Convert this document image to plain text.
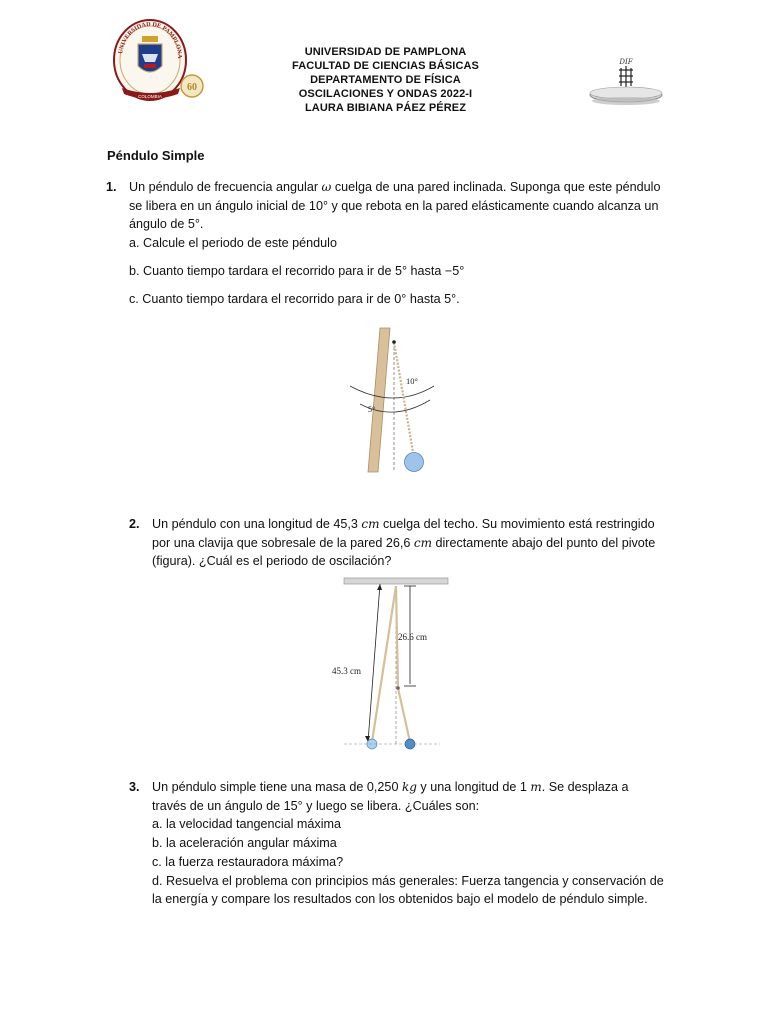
UNIVERSIDAD DE PAMPLONA
COLOMBIA
60
UNIVERSIDAD DE PAMPLONA
FACULTAD DE CIENCIAS BÁSICAS
DEPARTAMENTO DE FÍSICA
OSCILACIONES Y ONDAS 2022-I
LAURA BIBIANA PÁEZ PÉREZ
DIF
Péndulo Simple
1. Un péndulo de frecuencia angular ω cuelga de una pared inclinada. Suponga que este péndulo se libera en un ángulo inicial de 10° y que rebota en la pared elásticamente cuando alcanza un ángulo de 5°.

a. Calcule el periodo de este péndulo

b. Cuanto tiempo tardara el recorrido para ir de 5° hasta −5°

c. Cuanto tiempo tardara el recorrido para ir de 0° hasta 5°.

10°
5°
2. Un péndulo con una longitud de 45,3 cm cuelga del techo. Su movimiento está restringido por una clavija que sobresale de la pared 26,6 cm directamente abajo del punto del pivote (figura). ¿Cuál es el periodo de oscilación?

26.6 cm
45.3 cm
3. Un péndulo simple tiene una masa de 0,250 kg y una longitud de 1 m. Se desplaza a través de un ángulo de 15° y luego se libera. ¿Cuáles son:

a. la velocidad tangencial máxima

b. la aceleración angular máxima

c. la fuerza restauradora máxima?

d. Resuelva el problema con principios más generales: Fuerza tangencia y conservación de la energía y compare los resultados con los obtenidos bajo el modelo de péndulo simple.
